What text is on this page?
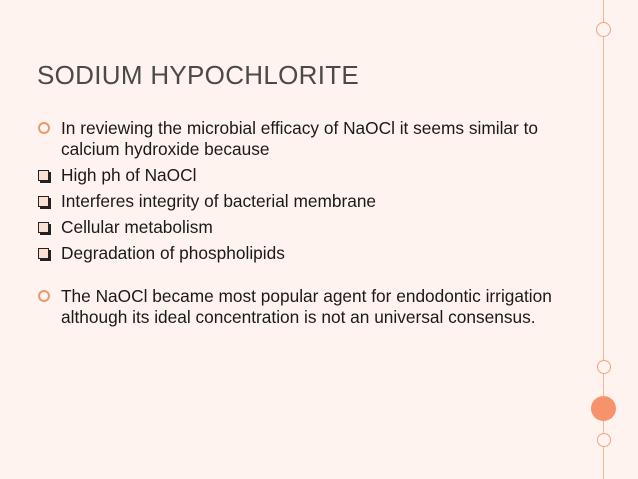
SODIUM HYPOCHLORITE
In reviewing the microbial efficacy of NaOCl it seems similar to calcium hydroxide because
High ph of NaOCl
Interferes integrity of bacterial membrane
Cellular metabolism
Degradation of phospholipids
The NaOCl became most popular agent for endodontic irrigation although its ideal concentration is not an universal consensus.
